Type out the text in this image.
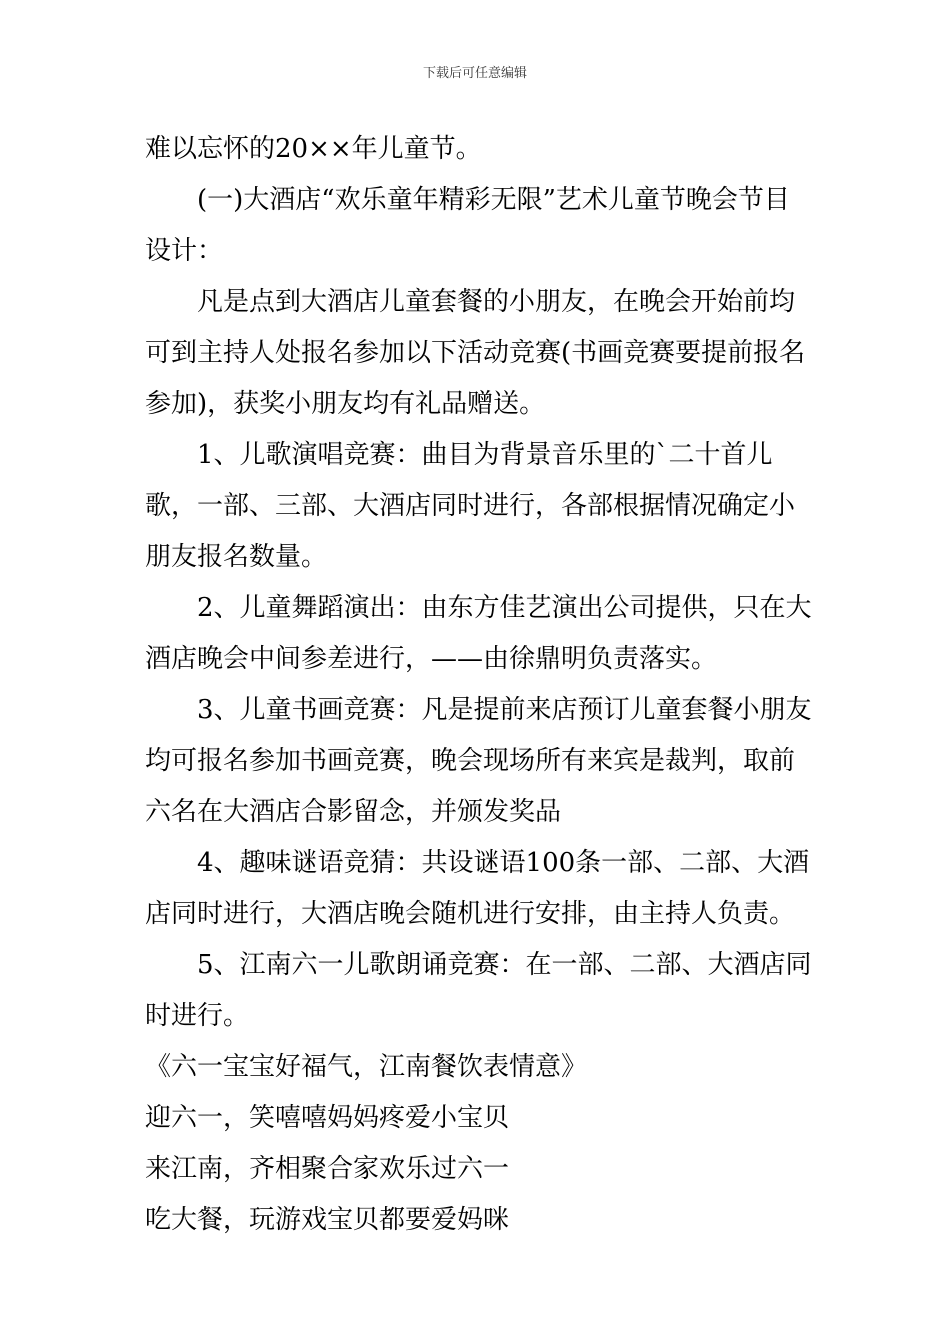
下载后可任意编辑

难以忘怀的20××年儿童节。

(一)大酒店“欢乐童年精彩无限”艺术儿童节晚会节目设计：

凡是点到大酒店儿童套餐的小朋友，在晚会开始前均可到主持人处报名参加以下活动竞赛(书画竞赛要提前报名参加)，获奖小朋友均有礼品赠送。

1、儿歌演唱竞赛：曲目为背景音乐里的`二十首儿歌，一部、三部、大酒店同时进行，各部根据情况确定小朋友报名数量。

2、儿童舞蹈演出：由东方佳艺演出公司提供，只在大酒店晚会中间参差进行，——由徐鼎明负责落实。

3、儿童书画竞赛：凡是提前来店预订儿童套餐小朋友均可报名参加书画竞赛，晚会现场所有来宾是裁判，取前六名在大酒店合影留念，并颁发奖品

4、趣味谜语竞猜：共设谜语100条一部、二部、大酒店同时进行，大酒店晚会随机进行安排，由主持人负责。

5、江南六一儿歌朗诵竞赛：在一部、二部、大酒店同时进行。

《六一宝宝好福气，江南餐饮表情意》

迎六一，笑嘻嘻妈妈疼爱小宝贝

来江南，齐相聚合家欢乐过六一

吃大餐，玩游戏宝贝都要爱妈咪
